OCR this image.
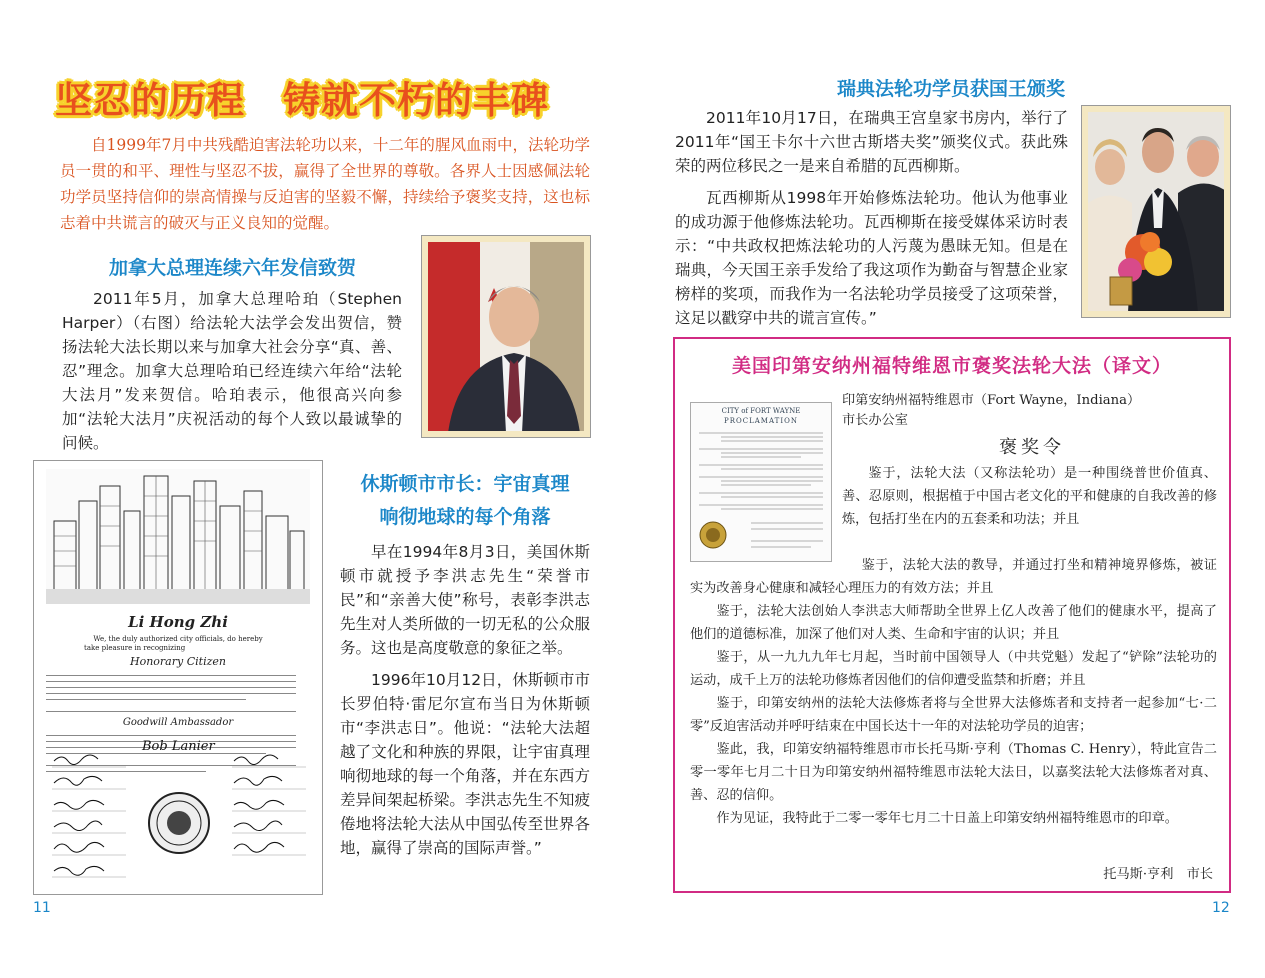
坚忍的历程　铸就不朽的丰碑
自1999年7月中共残酷迫害法轮功以来，十二年的腥风血雨中，法轮功学员一贯的和平、理性与坚忍不拔，赢得了全世界的尊敬。各界人士因感佩法轮功学员坚持信仰的崇高情操与反迫害的坚毅不懈，持续给予褒奖支持，这也标志着中共谎言的破灭与正义良知的觉醒。
加拿大总理连续六年发信致贺

2011年5月，加拿大总理哈珀（Stephen Harper）（右图）给法轮大法学会发出贺信，赞扬法轮大法长期以来与加拿大社会分享“真、善、忍”理念。加拿大总理哈珀已经连续六年给“法轮大法月”发来贺信。哈珀表示，他很高兴向参加“法轮大法月”庆祝活动的每个人致以最诚挚的问候。

Li Hong Zhi
We, the duly authorized city officials, do hereby
take pleasure in recognizing
Honorary Citizen
Goodwill Ambassador
Bob Lanier
休斯顿市市长：宇宙真理
响彻地球的每个角落

早在1994年8月3日，美国休斯顿市就授予李洪志先生“荣誉市民”和“亲善大使”称号，表彰李洪志先生对人类所做的一切无私的公众服务。这也是高度敬意的象征之举。

1996年10月12日，休斯顿市市长罗伯特·雷尼尔宣布当日为休斯顿市“李洪志日”。他说：“法轮大法超越了文化和种族的界限，让宇宙真理响彻地球的每一个角落，并在东西方差异间架起桥梁。李洪志先生不知疲倦地将法轮大法从中国弘传至世界各地，赢得了崇高的国际声誉。”

11
瑞典法轮功学员获国王颁奖

2011年10月17日，在瑞典王宫皇家书房内，举行了2011年“国王卡尔十六世古斯塔夫奖”颁奖仪式。获此殊荣的两位移民之一是来自希腊的瓦西柳斯。

瓦西柳斯从1998年开始修炼法轮功。他认为他事业的成功源于他修炼法轮功。瓦西柳斯在接受媒体采访时表示：“中共政权把炼法轮功的人污蔑为愚昧无知。但是在瑞典，今天国王亲手发给了我这项作为勤奋与智慧企业家榜样的奖项，而我作为一名法轮功学员接受了这项荣誉，这足以戳穿中共的谎言宣传。”

美国印第安纳州福特维恩市褒奖法轮大法（译文）
CITY of FORT WAYNE
PROCLAMATION
印第安纳州福特维恩市（Fort Wayne，Indiana）
市长办公室
褒奖令

鉴于，法轮大法（又称法轮功）是一种围绕普世价值真、善、忍原则，根据植于中国古老文化的平和健康的自我改善的修炼，包括打坐在内的五套柔和功法；并且

鉴于，法轮大法的教导，并通过打坐和精神境界修炼，被证实为改善身心健康和减轻心理压力的有效方法；并且

鉴于，法轮大法创始人李洪志大师帮助全世界上亿人改善了他们的健康水平，提高了他们的道德标准，加深了他们对人类、生命和宇宙的认识；并且

鉴于，从一九九九年七月起，当时前中国领导人（中共党魁）发起了“铲除”法轮功的运动，成千上万的法轮功修炼者因他们的信仰遭受监禁和折磨；并且

鉴于，印第安纳州的法轮大法修炼者将与全世界大法修炼者和支持者一起参加“七·二零”反迫害活动并呼吁结束在中国长达十一年的对法轮功学员的迫害；

鉴此，我，印第安纳福特维恩市市长托马斯·亨利（Thomas C. Henry），特此宣告二零一零年七月二十日为印第安纳州福特维恩市法轮大法日，以嘉奖法轮大法修炼者对真、善、忍的信仰。

作为见证，我特此于二零一零年七月二十日盖上印第安纳州福特维恩市的印章。

托马斯·亨利　市长
12
